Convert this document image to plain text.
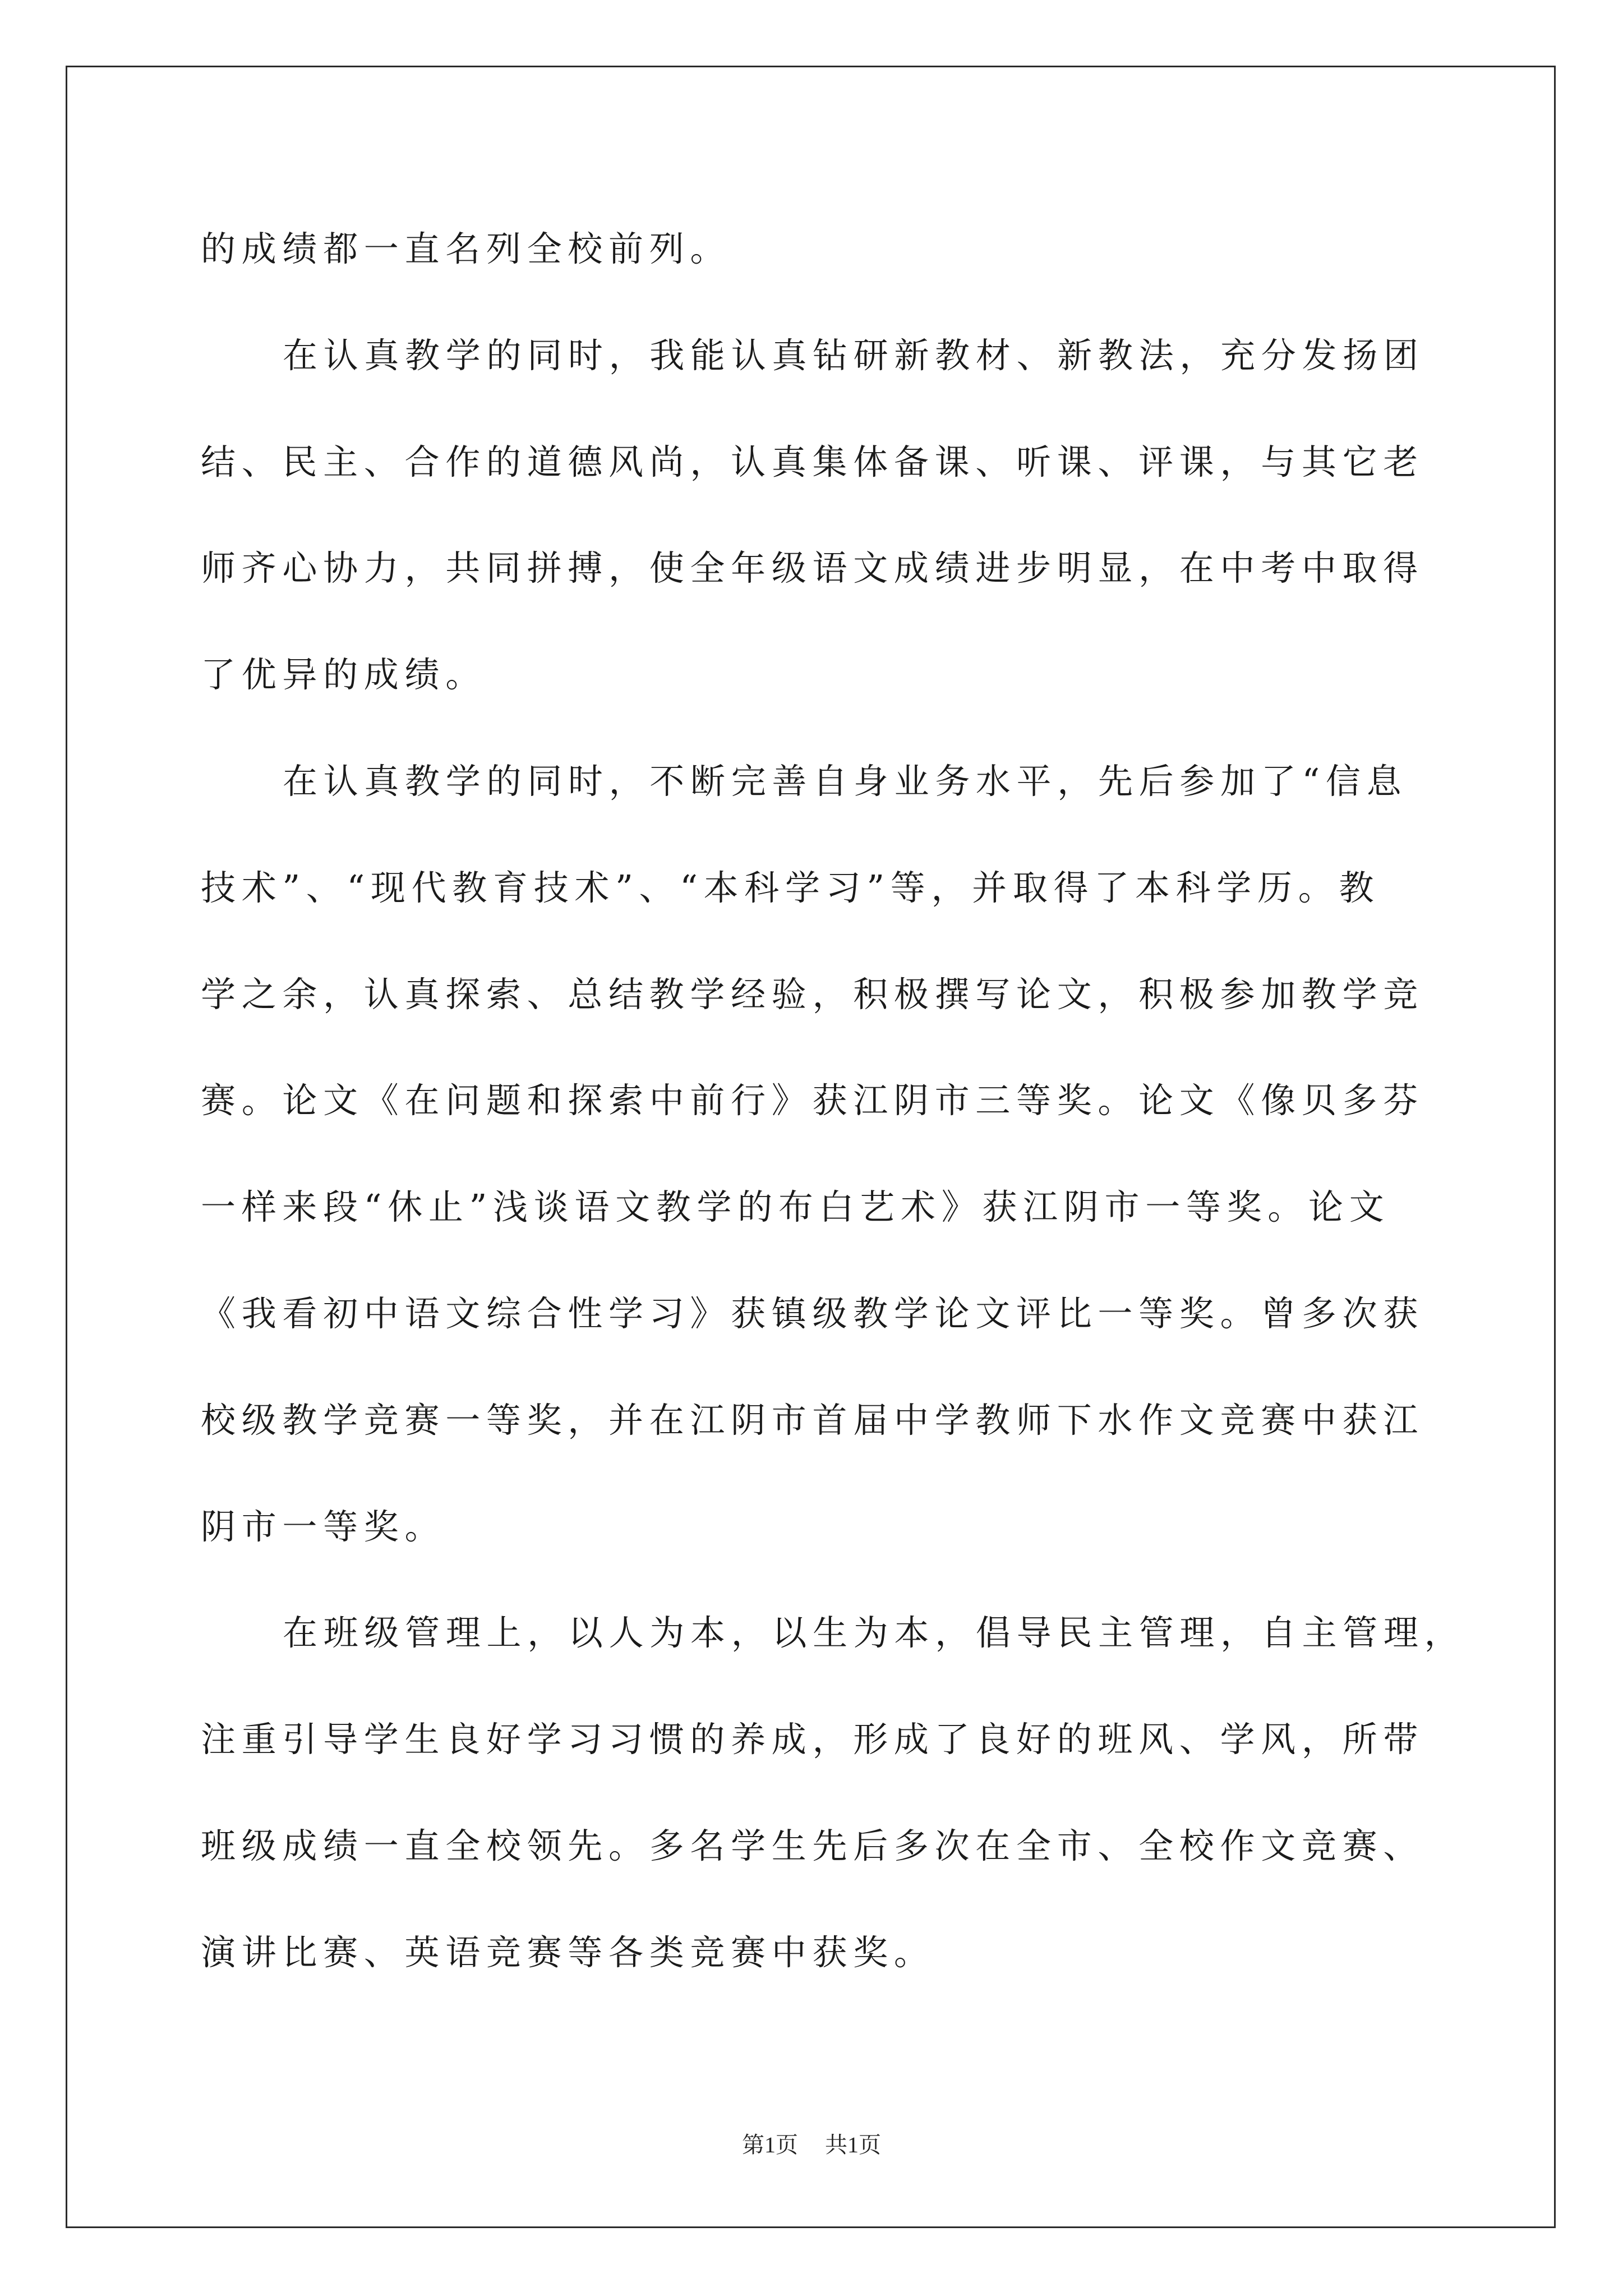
的成绩都一直名列全校前列。
在认真教学的同时，我能认真钻研新教材、新教法，充分发扬团
结、民主、合作的道德风尚，认真集体备课、听课、评课，与其它老
师齐心协力，共同拼搏，使全年级语文成绩进步明显，在中考中取得
了优异的成绩。
在认真教学的同时，不断完善自身业务水平，先后参加了“信息
技术”、“现代教育技术”、“本科学习”等，并取得了本科学历。教
学之余，认真探索、总结教学经验，积极撰写论文，积极参加教学竞
赛。论文《在问题和探索中前行》获江阴市三等奖。论文《像贝多芬
一样来段“休止”浅谈语文教学的布白艺术》获江阴市一等奖。论文
《我看初中语文综合性学习》获镇级教学论文评比一等奖。曾多次获
校级教学竞赛一等奖，并在江阴市首届中学教师下水作文竞赛中获江
阴市一等奖。
在班级管理上，以人为本，以生为本，倡导民主管理，自主管理，
注重引导学生良好学习习惯的养成，形成了良好的班风、学风，所带
班级成绩一直全校领先。多名学生先后多次在全市、全校作文竞赛、
演讲比赛、英语竞赛等各类竞赛中获奖。
第1页 共1页
